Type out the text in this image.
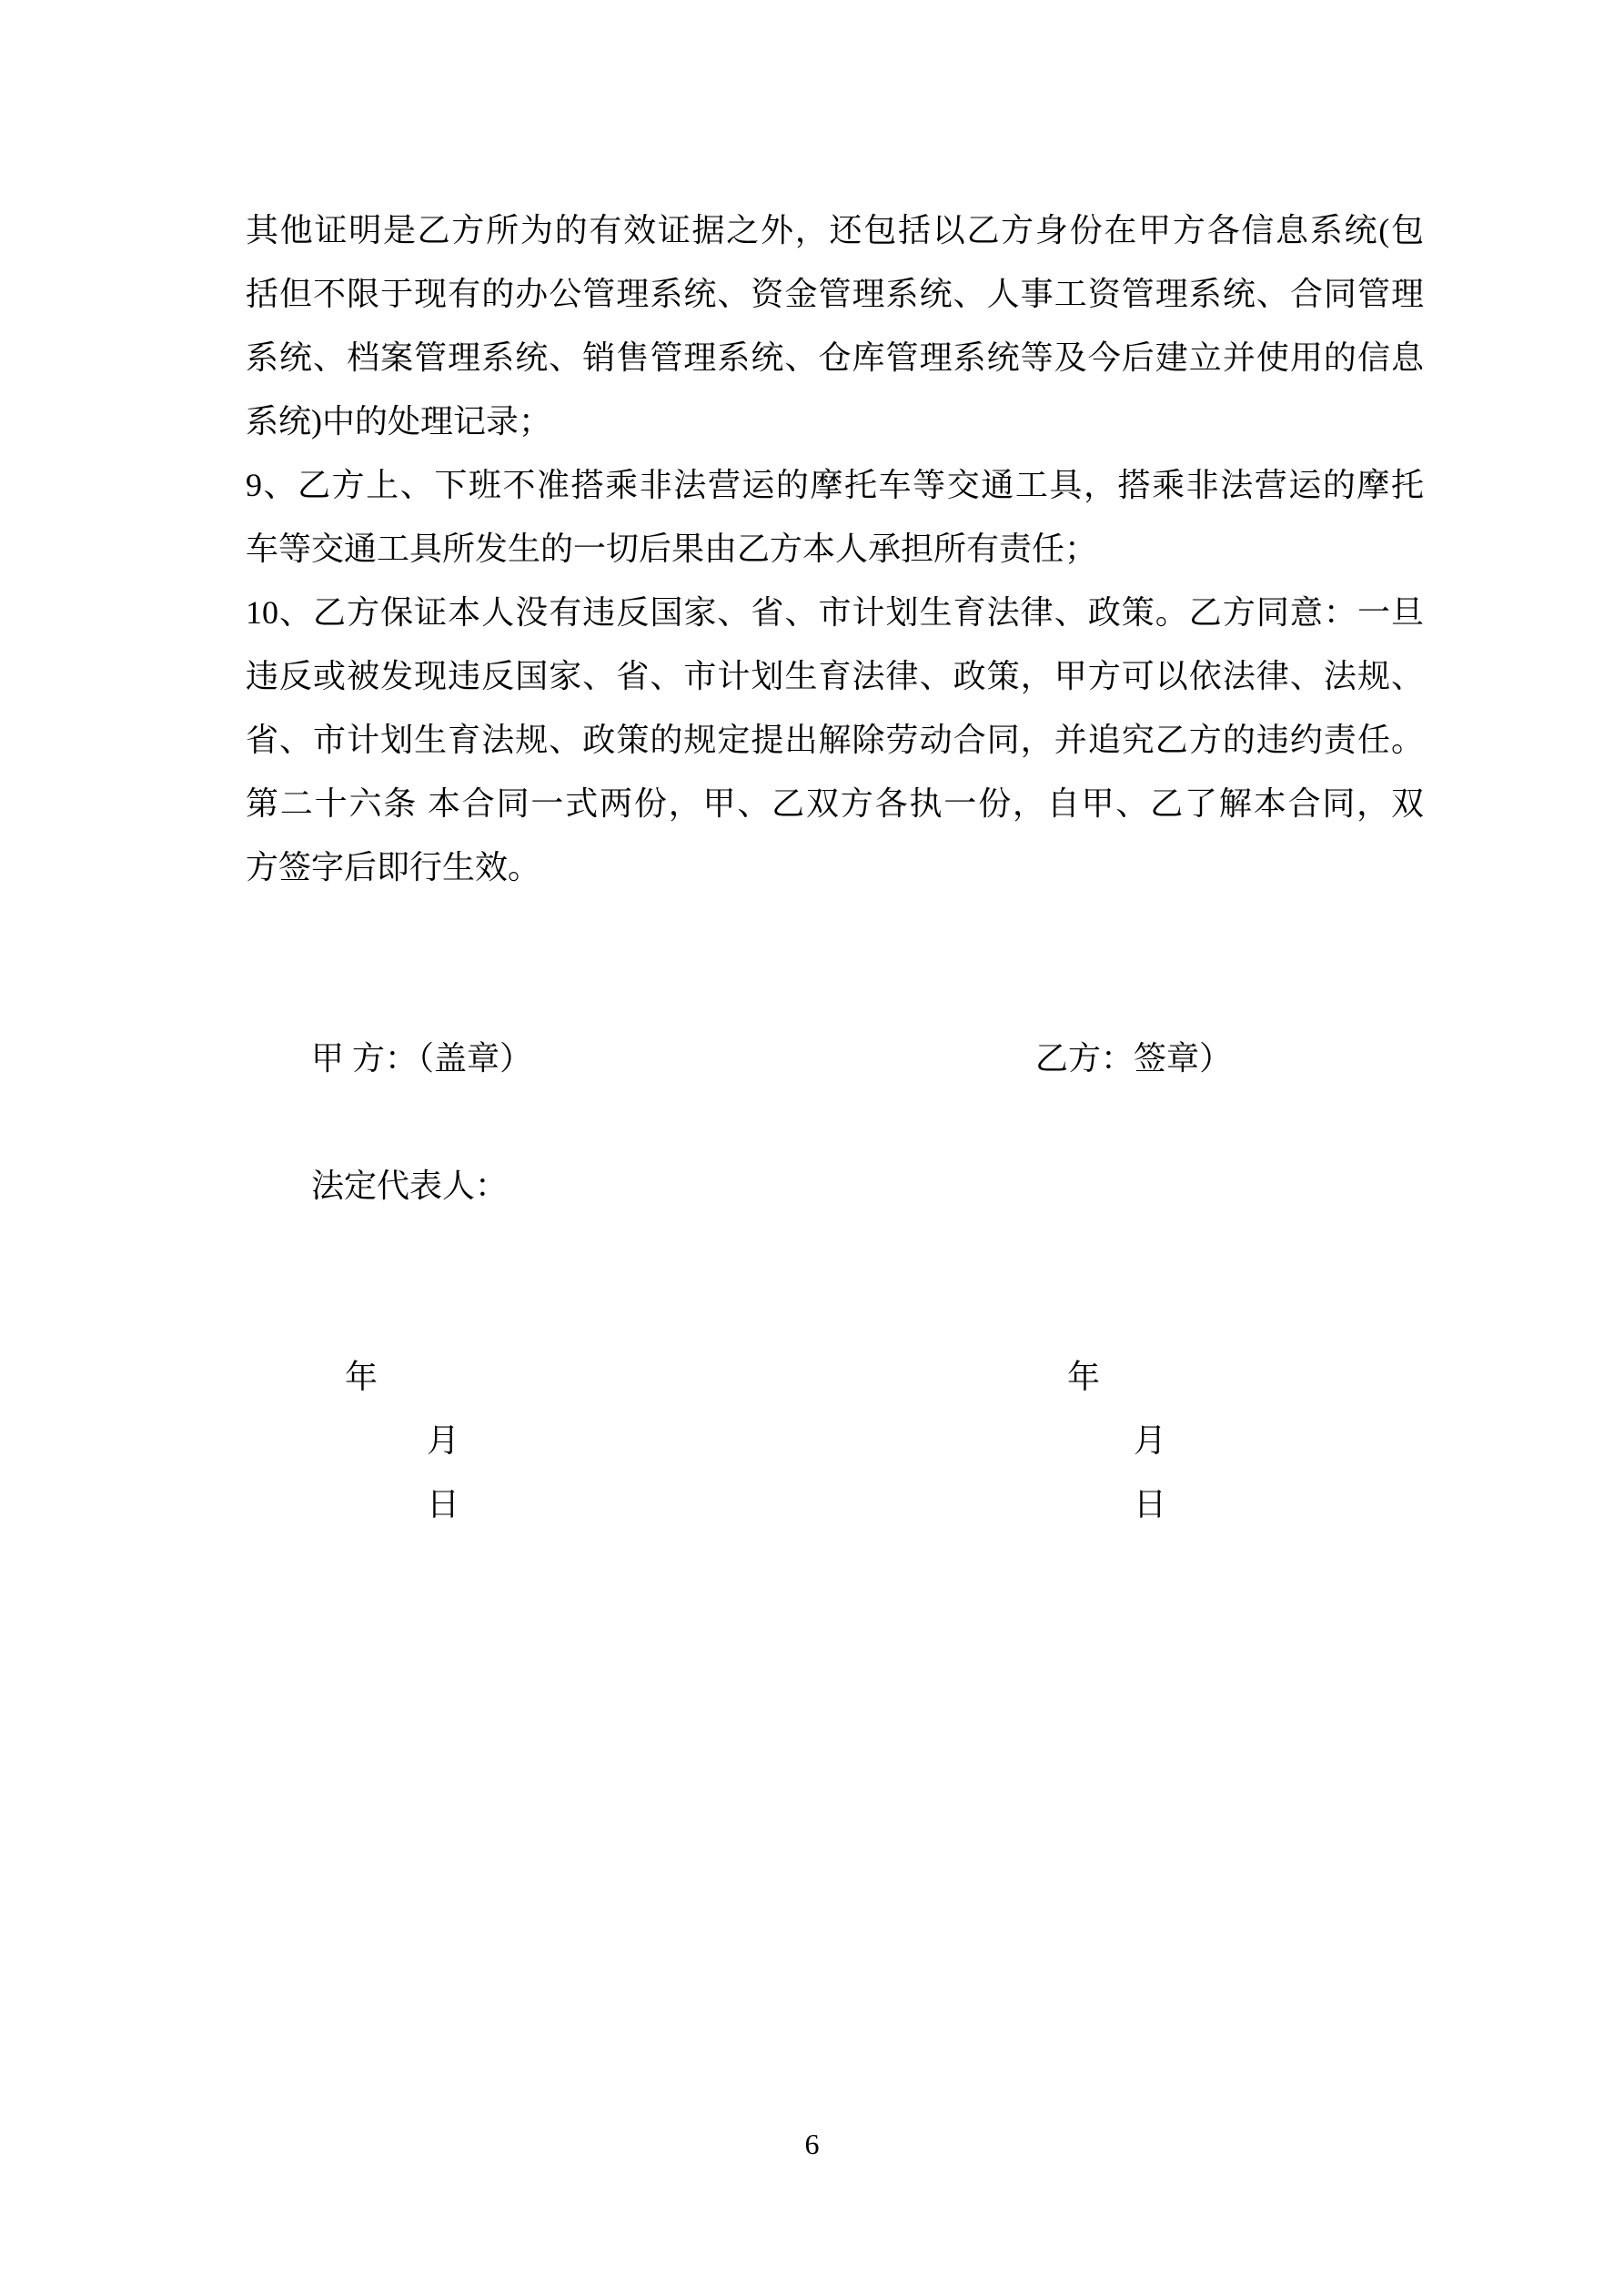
其他证明是乙方所为的有效证据之外，还包括以乙方身份在甲方各信息系统(包

括但不限于现有的办公管理系统、资金管理系统、人事工资管理系统、合同管理

系统、档案管理系统、销售管理系统、仓库管理系统等及今后建立并使用的信息

系统)中的处理记录；

9、乙方上、下班不准搭乘非法营运的摩托车等交通工具，搭乘非法营运的摩托

车等交通工具所发生的一切后果由乙方本人承担所有责任；

10、乙方保证本人没有违反国家、省、市计划生育法律、政策。乙方同意：一旦

违反或被发现违反国家、省、市计划生育法律、政策，甲方可以依法律、法规、

省、市计划生育法规、政策的规定提出解除劳动合同，并追究乙方的违约责任。

第二十六条 本合同一式两份，甲、乙双方各执一份，自甲、乙了解本合同，双

方签字后即行生效。

甲 方：（盖章）	乙方：签章）
法定代表人：

年
月
日

年
月
日

6
